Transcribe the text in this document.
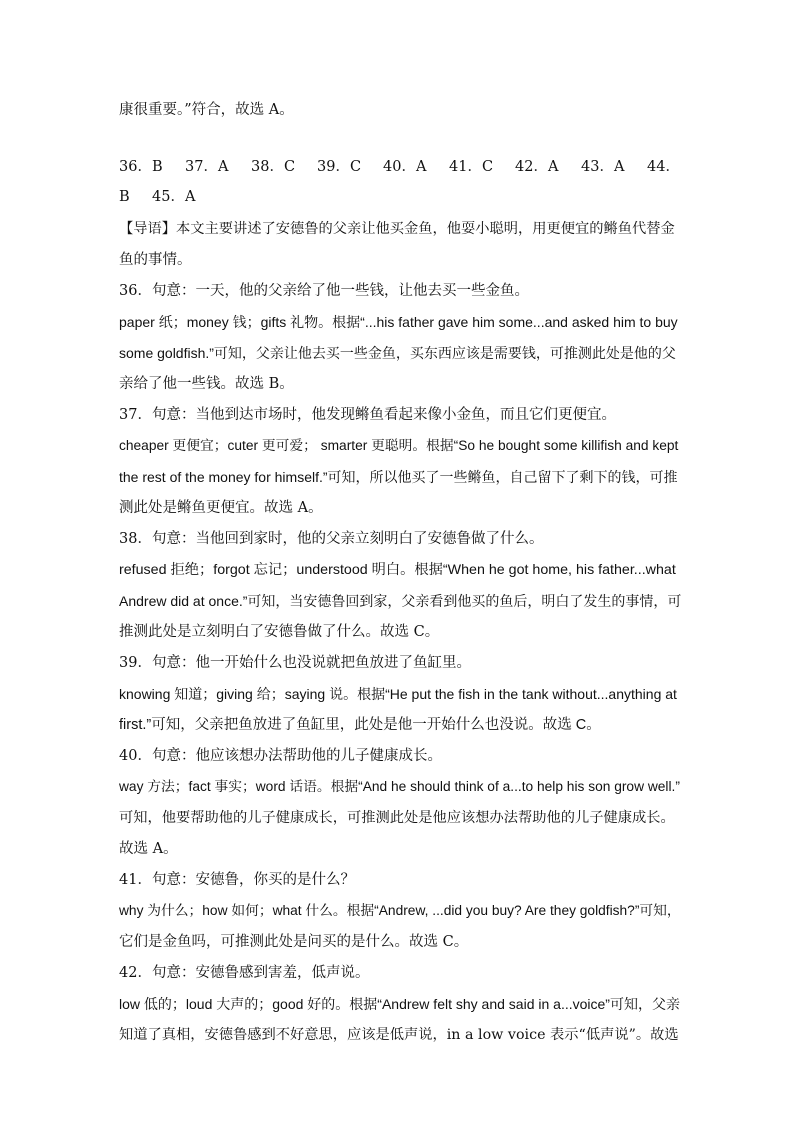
康很重要。”符合，故选 A。
36．B 37．A 38．C 39．C 40．A 41．C 42．A 43．A 44．
B 45．A
【导语】本文主要讲述了安德鲁的父亲让他买金鱼，他耍小聪明，用更便宜的鳉鱼代替金
鱼的事情。
36．句意：一天，他的父亲给了他一些钱，让他去买一些金鱼。
paper 纸；money 钱；gifts 礼物。根据“...his father gave him some...and asked him to buy
some goldfish.”可知，父亲让他去买一些金鱼，买东西应该是需要钱，可推测此处是他的父
亲给了他一些钱。故选 B。
37．句意：当他到达市场时，他发现鳉鱼看起来像小金鱼，而且它们更便宜。
cheaper 更便宜；cuter 更可爱； smarter 更聪明。根据“So he bought some killifish and kept
the rest of the money for himself.”可知，所以他买了一些鳉鱼，自己留下了剩下的钱，可推
测此处是鳉鱼更便宜。故选 A。
38．句意：当他回到家时，他的父亲立刻明白了安德鲁做了什么。
refused 拒绝；forgot 忘记；understood 明白。根据“When he got home, his father...what
Andrew did at once.”可知，当安德鲁回到家，父亲看到他买的鱼后，明白了发生的事情，可
推测此处是立刻明白了安德鲁做了什么。故选 C。
39．句意：他一开始什么也没说就把鱼放进了鱼缸里。
knowing 知道；giving 给；saying 说。根据“He put the fish in the tank without...anything at
first.”可知，父亲把鱼放进了鱼缸里，此处是他一开始什么也没说。故选 C。
40．句意：他应该想办法帮助他的儿子健康成长。
way 方法；fact 事实；word 话语。根据“And he should think of a...to help his son grow well.”
可知，他要帮助他的儿子健康成长，可推测此处是他应该想办法帮助他的儿子健康成长。
故选 A。
41．句意：安德鲁，你买的是什么？
why 为什么；how 如何；what 什么。根据“Andrew, ...did you buy? Are they goldfish?”可知，
它们是金鱼吗，可推测此处是问买的是什么。故选 C。
42．句意：安德鲁感到害羞，低声说。
low 低的；loud 大声的；good 好的。根据“Andrew felt shy and said in a...voice”可知，父亲
知道了真相，安德鲁感到不好意思，应该是低声说，in a low voice 表示“低声说”。故选
